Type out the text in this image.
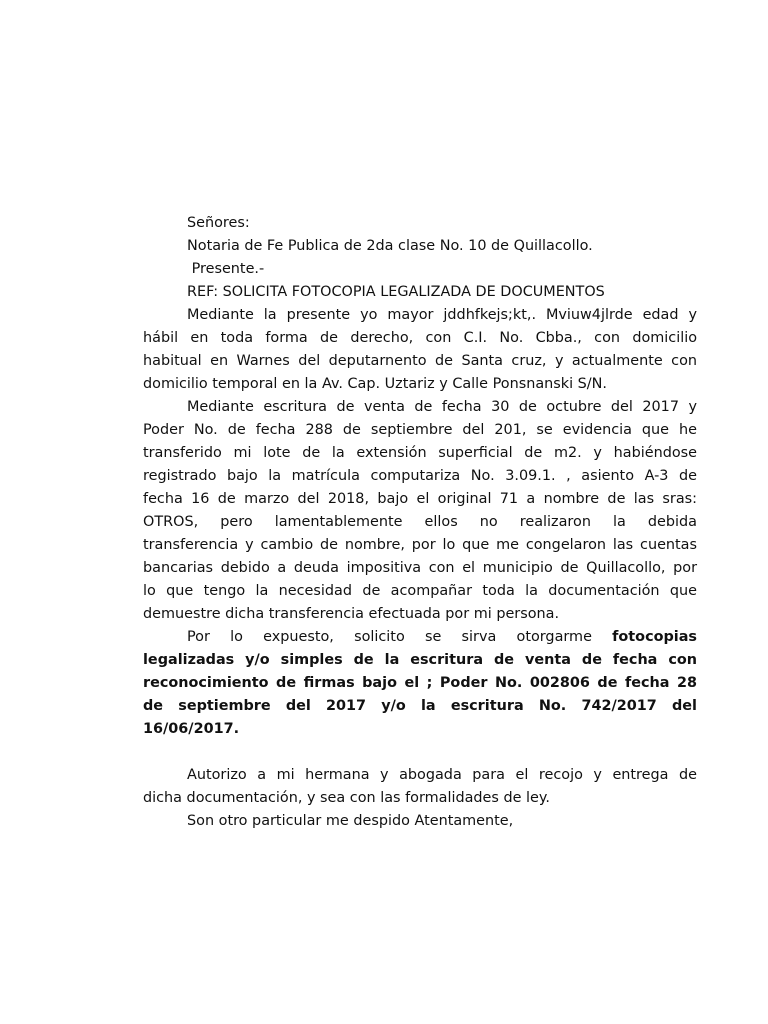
Señores:
Notaria de Fe Publica de 2da clase No. 10 de Quillacollo.
Presente.-
REF: SOLICITA FOTOCOPIA LEGALIZADA DE DOCUMENTOS
Mediante la presente yo mayor jddhfkejs;kt,. Mviuw4jlrde edad y
hábil en toda forma de derecho, con C.I. No. Cbba., con domicilio
habitual en Warnes del deputarnento de Santa cruz, y actualmente con
domicilio temporal en la Av. Cap. Uztariz y Calle Ponsnanski S/N.
Mediante escritura de venta de fecha 30 de octubre del 2017 y
Poder No. de fecha 288 de septiembre del 201, se evidencia que he
transferido mi lote de la extensión superficial de m2. y habiéndose
registrado bajo la matrícula computariza No. 3.09.1. , asiento A-3 de
fecha 16 de marzo del 2018, bajo el original 71 a nombre de las sras:
OTROS, pero lamentablemente ellos no realizaron la debida
transferencia y cambio de nombre, por lo que me congelaron las cuentas
bancarias debido a deuda impositiva con el municipio de Quillacollo, por
lo que tengo la necesidad de acompañar toda la documentación que
demuestre dicha transferencia efectuada por mi persona.
Por lo expuesto, solicito se sirva otorgarme fotocopias
legalizadas y/o simples de la escritura de venta de fecha con
reconocimiento de firmas bajo el ; Poder No. 002806 de fecha 28
de septiembre del 2017 y/o la escritura No. 742/2017 del
16/06/2017.
Autorizo a mi hermana y abogada para el recojo y entrega de
dicha documentación, y sea con las formalidades de ley.
Son otro particular me despido Atentamente,
